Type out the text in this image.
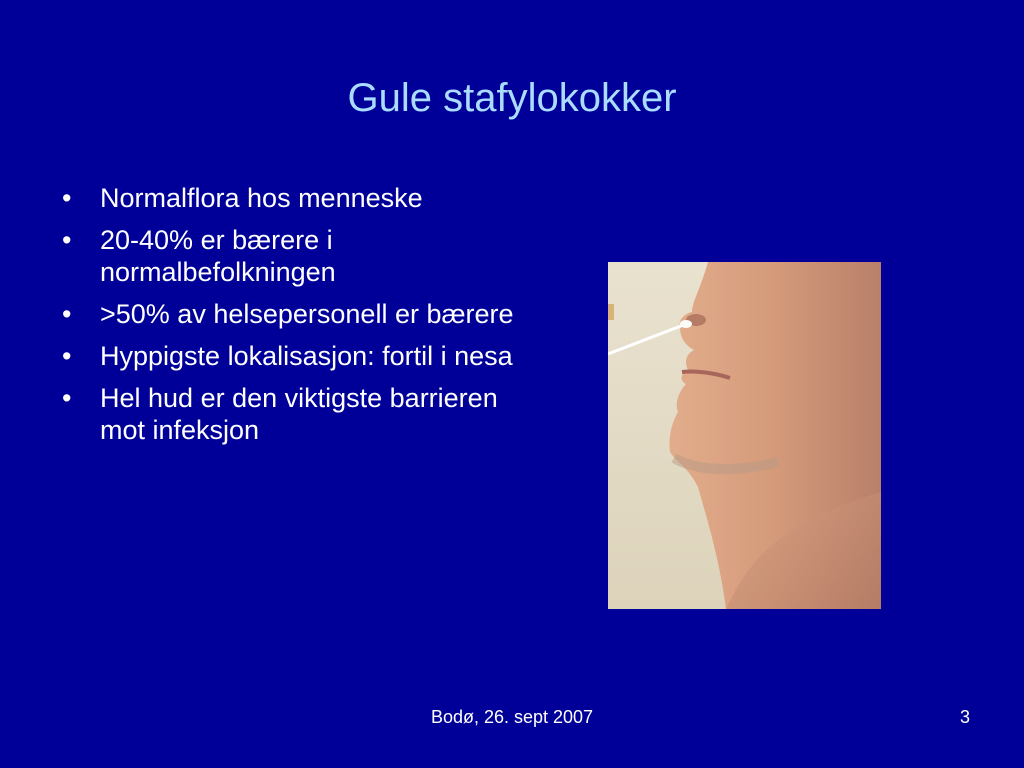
Gule stafylokokker
• Normalflora hos menneske
• 20-40% er bærere i normalbefolkningen
• >50% av helsepersonell er bærere
• Hyppigste lokalisasjon: fortil i nesa
• Hel hud er den viktigste barrieren mot infeksjon
Bodø, 26. sept 2007	3
